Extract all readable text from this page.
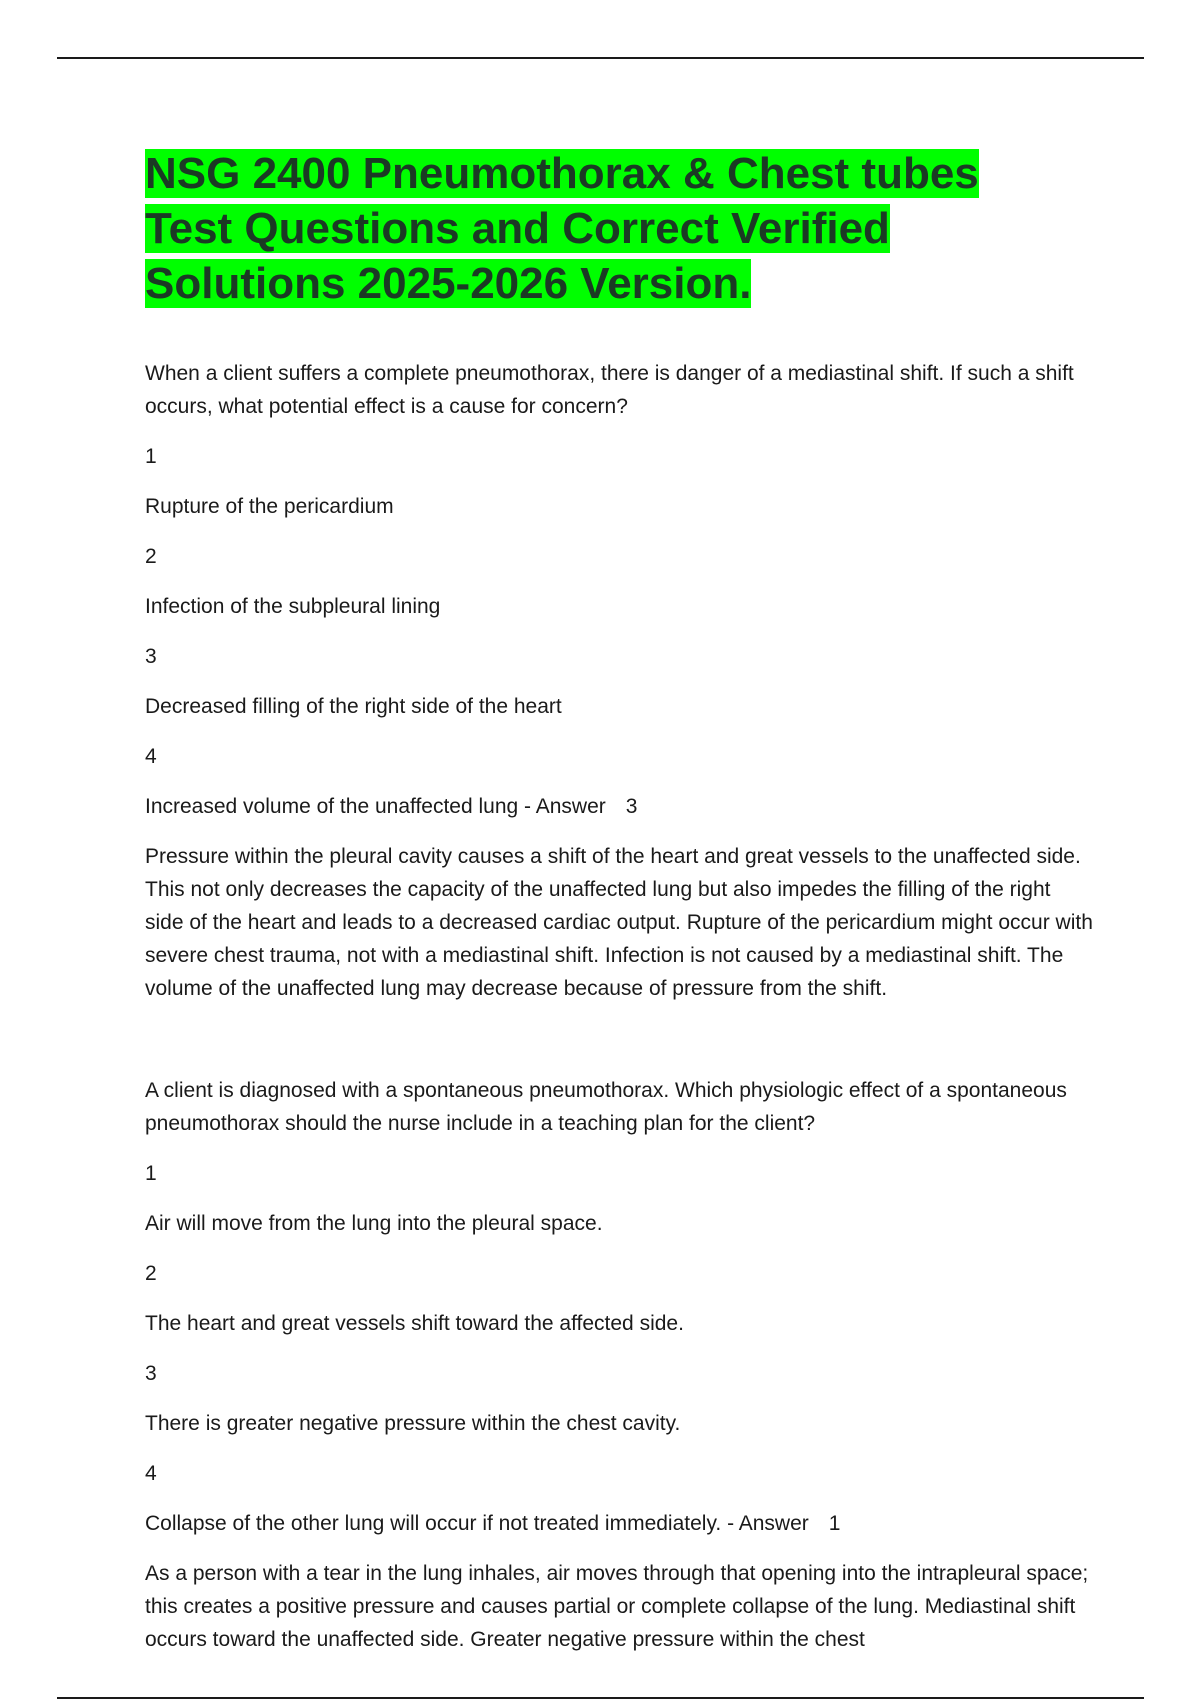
NSG 2400 Pneumothorax & Chest tubes Test Questions and Correct Verified Solutions 2025-2026 Version.
When a client suffers a complete pneumothorax, there is danger of a mediastinal shift. If such a shift occurs, what potential effect is a cause for concern?
1
Rupture of the pericardium
2
Infection of the subpleural lining
3
Decreased filling of the right side of the heart
4
Increased volume of the unaffected lung - Answer 3
Pressure within the pleural cavity causes a shift of the heart and great vessels to the unaffected side. This not only decreases the capacity of the unaffected lung but also impedes the filling of the right side of the heart and leads to a decreased cardiac output. Rupture of the pericardium might occur with severe chest trauma, not with a mediastinal shift. Infection is not caused by a mediastinal shift. The volume of the unaffected lung may decrease because of pressure from the shift.
A client is diagnosed with a spontaneous pneumothorax. Which physiologic effect of a spontaneous pneumothorax should the nurse include in a teaching plan for the client?
1
Air will move from the lung into the pleural space.
2
The heart and great vessels shift toward the affected side.
3
There is greater negative pressure within the chest cavity.
4
Collapse of the other lung will occur if not treated immediately. - Answer 1
As a person with a tear in the lung inhales, air moves through that opening into the intrapleural space; this creates a positive pressure and causes partial or complete collapse of the lung. Mediastinal shift occurs toward the unaffected side. Greater negative pressure within the chest
